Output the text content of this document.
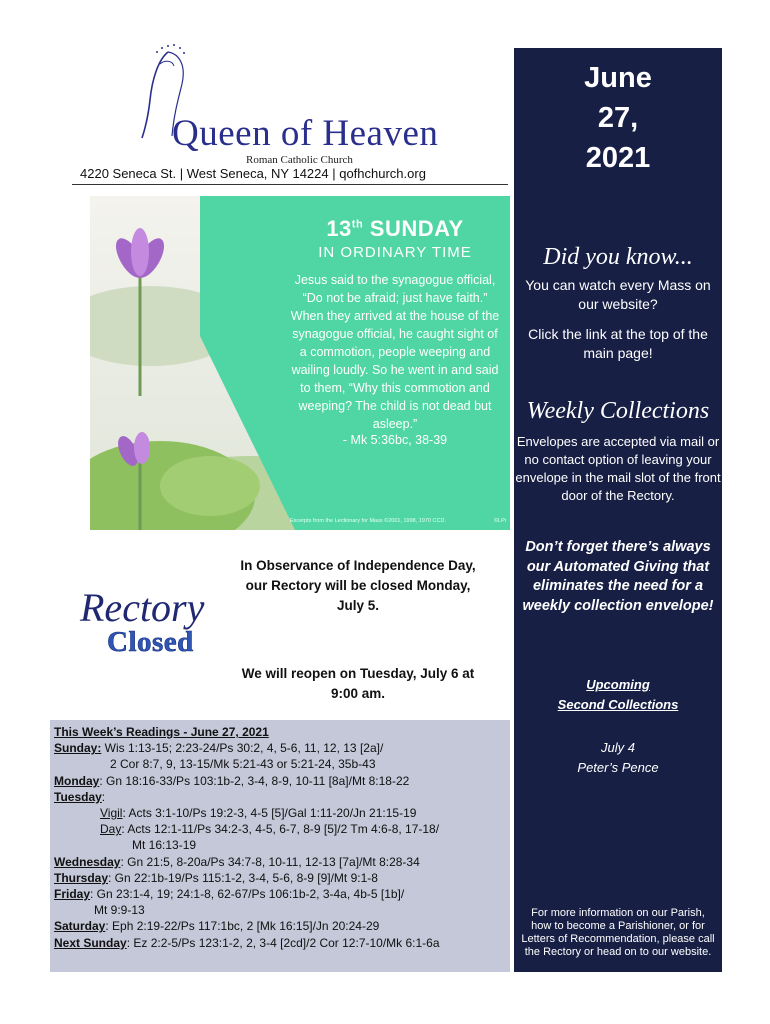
Queen of Heaven
Roman Catholic Church
4220 Seneca St. | West Seneca, NY 14224 | qofhchurch.org
13th SUNDAY
IN ORDINARY TIME
Jesus said to the synagogue official, “Do not be afraid; just have faith.” When they arrived at the house of the synagogue official, he caught sight of a commotion, people weeping and wailing loudly. So he went in and said to them, “Why this commotion and weeping? The child is not dead but asleep.”
- Mk 5:36bc, 38-39
Excerpts from the Lectionary for Mass ©2001, 1998, 1970 CCD.	©LPi
Rectory
Closed
In Observance of Independence Day, our Rectory will be closed Monday, July 5.
We will reopen on Tuesday, July 6 at 9:00 am.
This Week’s Readings - June 27, 2021
Sunday: Wis 1:13-15; 2:23-24/Ps 30:2, 4, 5-6, 11, 12, 13 [2a]/
2 Cor 8:7, 9, 13-15/Mk 5:21-43 or 5:21-24, 35b-43
Monday: Gn 18:16-33/Ps 103:1b-2, 3-4, 8-9, 10-11 [8a]/Mt 8:18-22
Tuesday:
Vigil: Acts 3:1-10/Ps 19:2-3, 4-5 [5]/Gal 1:11-20/Jn 21:15-19
Day: Acts 12:1-11/Ps 34:2-3, 4-5, 6-7, 8-9 [5]/2 Tm 4:6-8, 17-18/
Mt 16:13-19
Wednesday: Gn 21:5, 8-20a/Ps 34:7-8, 10-11, 12-13 [7a]/Mt 8:28-34
Thursday: Gn 22:1b-19/Ps 115:1-2, 3-4, 5-6, 8-9 [9]/Mt 9:1-8
Friday: Gn 23:1-4, 19; 24:1-8, 62-67/Ps 106:1b-2, 3-4a, 4b-5 [1b]/
Mt 9:9-13
Saturday: Eph 2:19-22/Ps 117:1bc, 2 [Mk 16:15]/Jn 20:24-29
Next Sunday: Ez 2:2-5/Ps 123:1-2, 2, 3-4 [2cd]/2 Cor 12:7-10/Mk 6:1-6a
June
27,
2021
Did you know...
You can watch every Mass on our website?
Click the link at the top of the main page!
Weekly Collections
Envelopes are accepted via mail or no contact option of leaving your envelope in the mail slot of the front door of the Rectory.
Don’t forget there’s always our Automated Giving that eliminates the need for a weekly collection envelope!
Upcoming
Second Collections
July 4
Peter’s Pence
For more information on our Parish, how to become a Parishioner, or for Letters of Recommendation, please call the Rectory or head on to our website.
